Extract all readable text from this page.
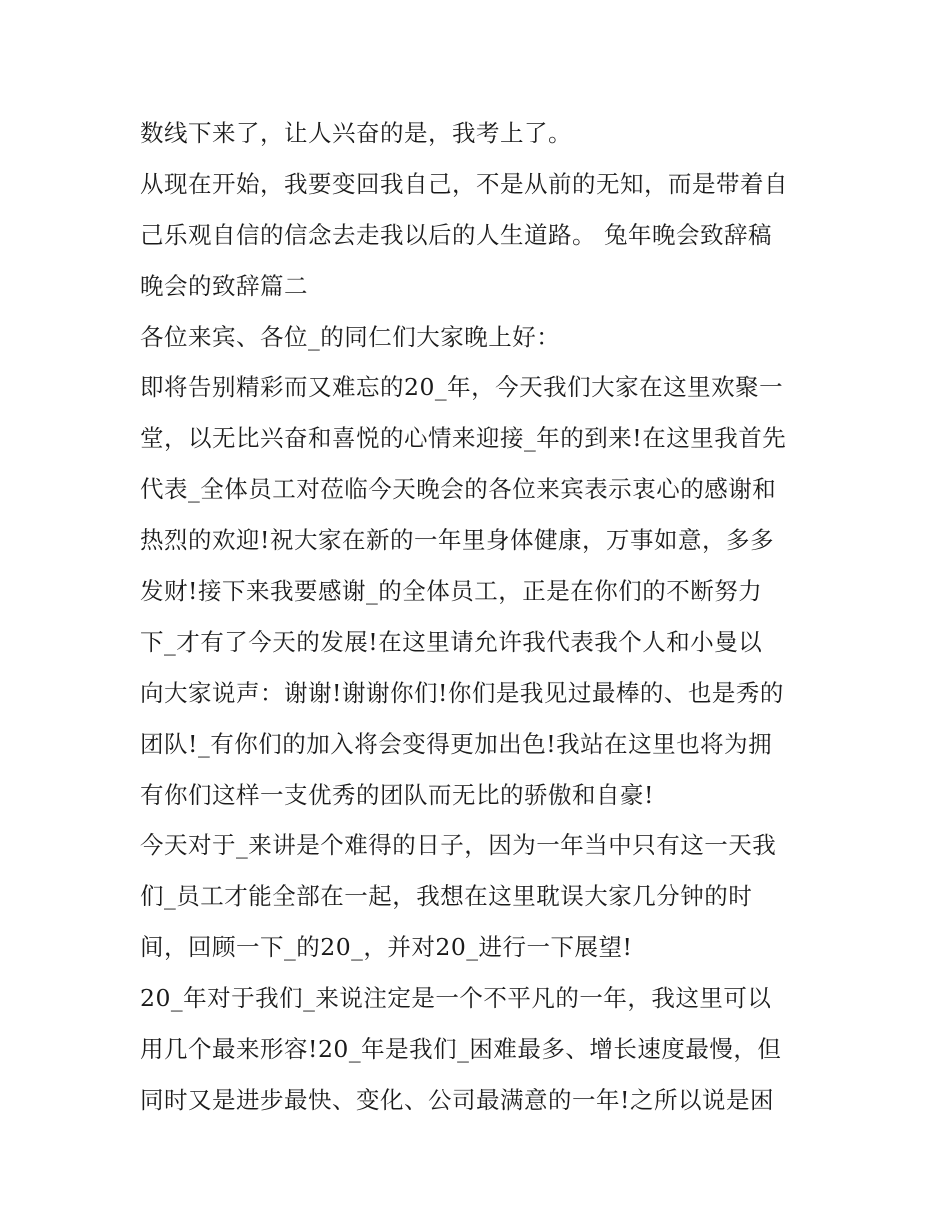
数线下来了，让人兴奋的是，我考上了。
从现在开始，我要变回我自己，不是从前的无知，而是带着自
己乐观自信的信念去走我以后的人生道路。 兔年晚会致辞稿
晚会的致辞篇二
各位来宾、各位_的同仁们大家晚上好：
即将告别精彩而又难忘的20_年，今天我们大家在这里欢聚一
堂，以无比兴奋和喜悦的心情来迎接_年的到来!在这里我首先
代表_全体员工对莅临今天晚会的各位来宾表示衷心的感谢和
热烈的欢迎!祝大家在新的一年里身体健康，万事如意，多多
发财!接下来我要感谢_的全体员工，正是在你们的不断努力
下_才有了今天的发展!在这里请允许我代表我个人和小曼以
向大家说声：谢谢!谢谢你们!你们是我见过最棒的、也是秀的
团队!_有你们的加入将会变得更加出色!我站在这里也将为拥
有你们这样一支优秀的团队而无比的骄傲和自豪!
今天对于_来讲是个难得的日子，因为一年当中只有这一天我
们_员工才能全部在一起，我想在这里耽误大家几分钟的时
间，回顾一下_的20_，并对20_进行一下展望!
20_年对于我们_来说注定是一个不平凡的一年，我这里可以
用几个最来形容!20_年是我们_困难最多、增长速度最慢，但
同时又是进步最快、变化、公司最满意的一年!之所以说是困
